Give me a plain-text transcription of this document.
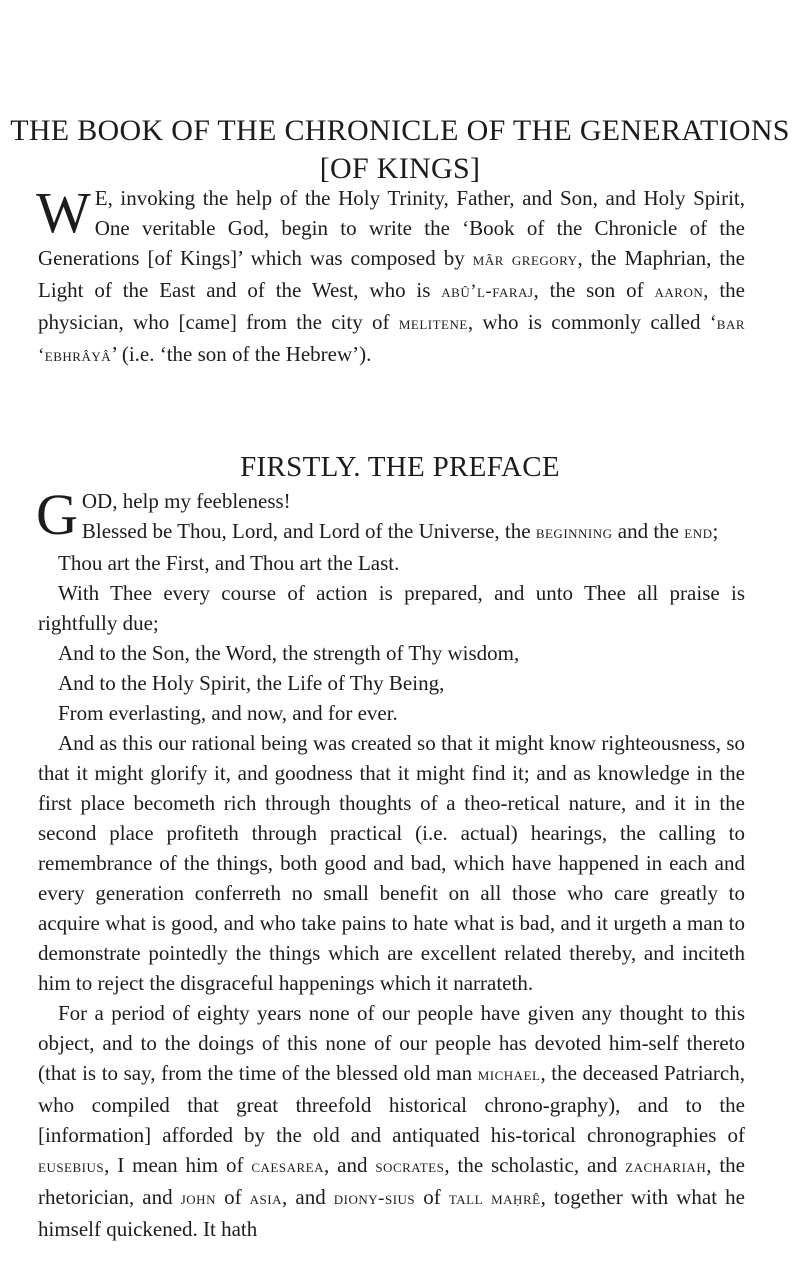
THE BOOK OF THE CHRONICLE OF THE GENERATIONS [OF KINGS]
W E, invoking the help of the Holy Trinity, Father, and Son, and Holy Spirit, One veritable God, begin to write the ‘Book of the Chronicle of the Generations [of Kings]’ which was composed by mâr gregory, the Maphrian, the Light of the East and of the West, who is abû’l-faraj, the son of aaron, the physician, who [came] from the city of melitene, who is commonly called ‘bar ‘ebhrâyâ’ (i.e. ‘the son of the Hebrew’).
FIRSTLY. THE PREFACE

GOD, help my feebleness!
Blessed be Thou, Lord, and Lord of the Universe, the beginning and the end;

Thou art the First, and Thou art the Last.

With Thee every course of action is prepared, and unto Thee all praise is rightfully due;

And to the Son, the Word, the strength of Thy wisdom,

And to the Holy Spirit, the Life of Thy Being,

From everlasting, and now, and for ever.

And as this our rational being was created so that it might know righteousness, so that it might glorify it, and goodness that it might find it; and as knowledge in the first place becometh rich through thoughts of a theo-retical nature, and it in the second place profiteth through practical (i.e. actual) hearings, the calling to remembrance of the things, both good and bad, which have happened in each and every generation conferreth no small benefit on all those who care greatly to acquire what is good, and who take pains to hate what is bad, and it urgeth a man to demonstrate pointedly the things which are excellent related thereby, and inciteth him to reject the disgraceful happenings which it narrateth.

For a period of eighty years none of our people have given any thought to this object, and to the doings of this none of our people has devoted him-self thereto (that is to say, from the time of the blessed old man michael, the deceased Patriarch, who compiled that great threefold historical chrono-graphy), and to the [information] afforded by the old and antiquated his-torical chronographies of eusebius, I mean him of caesarea, and socrates, the scholastic, and zachariah, the rhetorician, and john of asia, and diony-sius of tall maḥrê, together with what he himself quickened. It hath
